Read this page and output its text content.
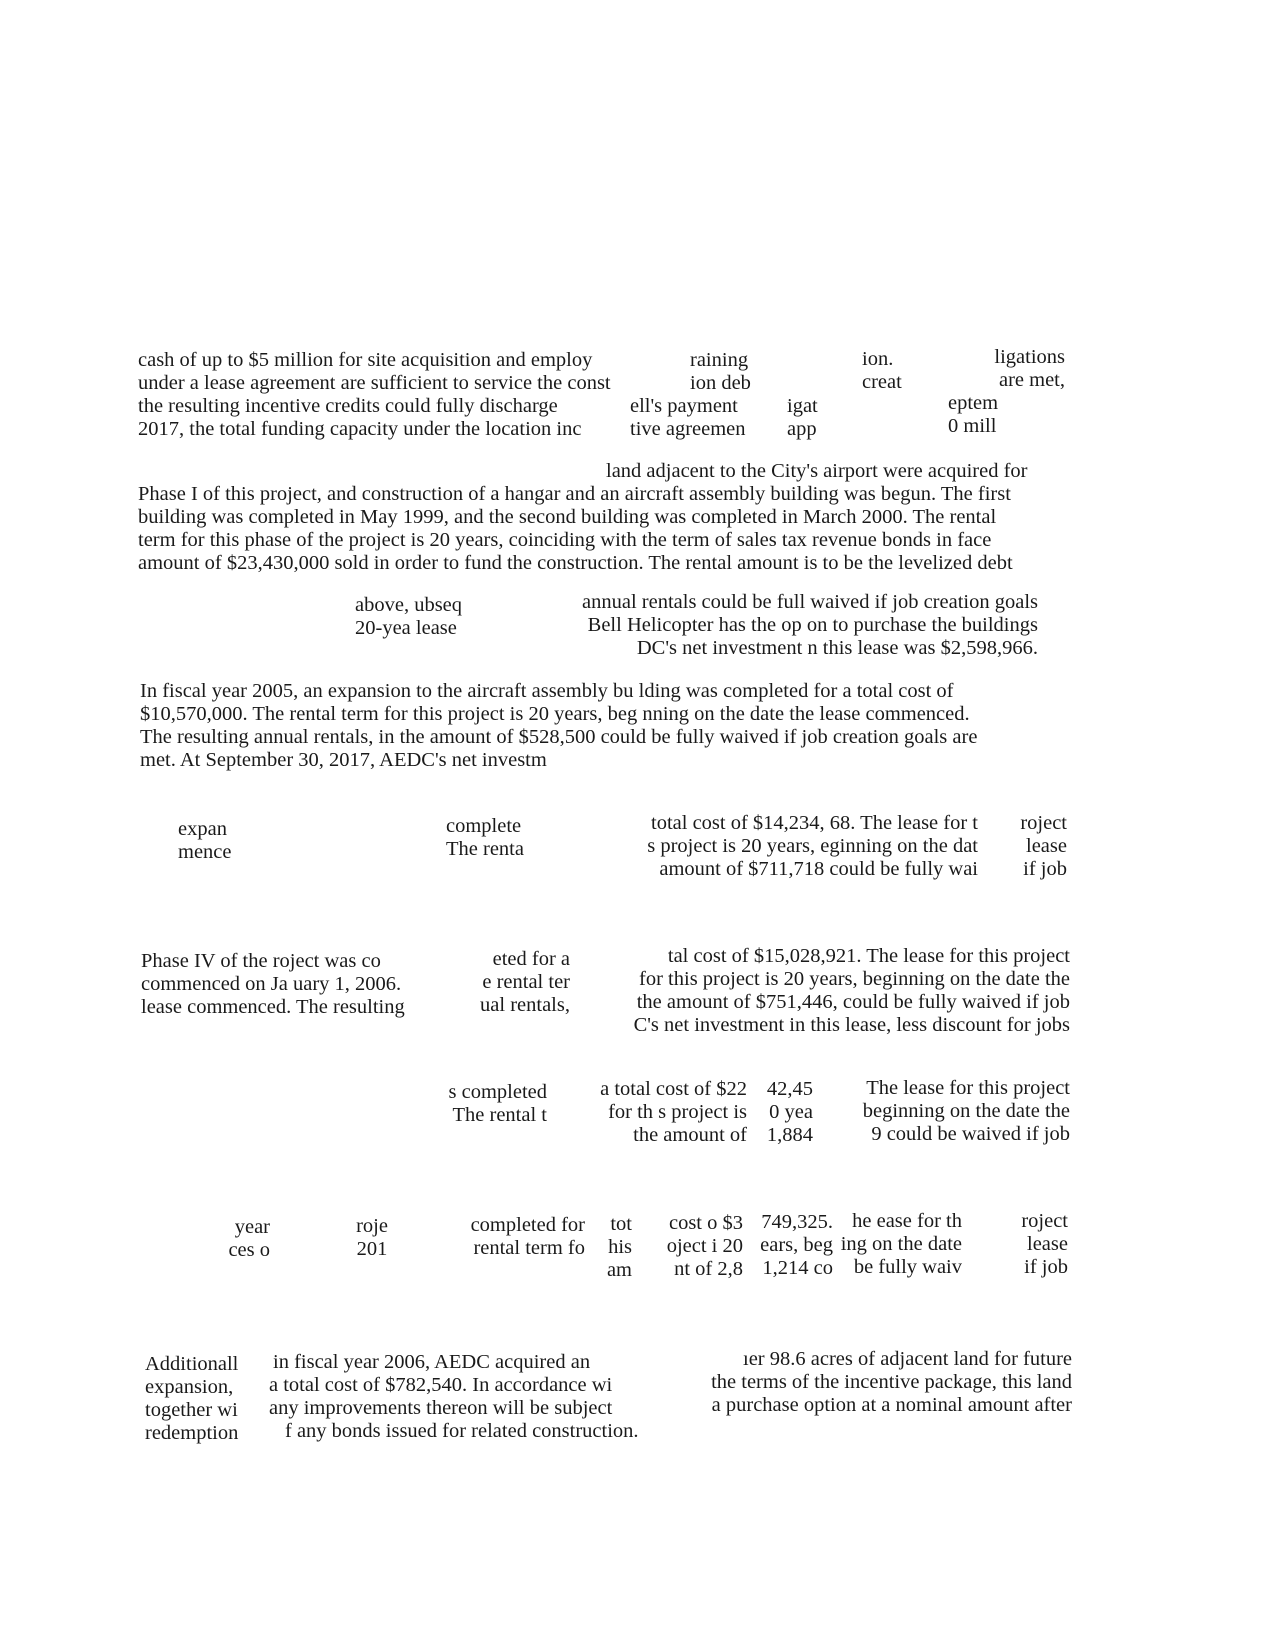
cash of up to $5 million for site acquisition and employ
under a lease agreement are sufficient to service the const
the resulting incentive credits could fully discharge
2017, the total funding capacity under the location inc
raining
ion deb
ell's payment
tive agreemen
igat
app
ion.
creat
eptem
0 mill
ligations
are met,
land adjacent to the City's airport were acquired for
Phase I of this project, and construction of a hangar and an aircraft assembly building was begun. The first
building was completed in May 1999, and the second building was completed in March 2000. The rental
term for this phase of the project is 20 years, coinciding with the term of sales tax revenue bonds in face
amount of $23,430,000 sold in order to fund the construction. The rental amount is to be the levelized debt
above, ubseq
20-yea lease
annual rentals could be full waived if job creation goals
Bell Helicopter has the op on to purchase the buildings
DC's net investment n this lease was $2,598,966.
In fiscal year 2005, an expansion to the aircraft assembly bu lding was completed for a total cost of
$10,570,000. The rental term for this project is 20 years, beg nning on the date the lease commenced.
The resulting annual rentals, in the amount of $528,500 could be fully waived if job creation goals are
met. At September 30, 2017, AEDC's net investm
expan
mence
complete
The renta
total cost of $14,234, 68. The lease for t
s project is 20 years, eginning on the dat
amount of $711,718 could be fully wai
roject
lease
if job
Phase IV of the roject was co
commenced on Ja uary 1, 2006.
lease commenced. The resulting
eted for a
e rental ter
ual rentals,
tal cost of $15,028,921. The lease for this project
for this project is 20 years, beginning on the date the
the amount of $751,446, could be fully waived if job
C's net investment in this lease, less discount for jobs
s completed
The rental t
a total cost of $22
for th s project is
the amount of
42,45
0 yea
1,884
The lease for this project
beginning on the date the
9 could be waived if job
year
ces o
roje
201
completed for
rental term fo
tot
his
am
cost o $3
oject i 20
nt of 2,8
749,325.
ears, beg
1,214 co
he ease for th
ing on the date
be fully waiv
roject
lease
if job
Additionall
expansion,
together wi
redemption
in fiscal year 2006, AEDC acquired an
a total cost of $782,540. In accordance wi
any improvements thereon will be subject
f any bonds issued for related construction.
ıer 98.6 acres of adjacent land for future
the terms of the incentive package, this land
a purchase option at a nominal amount after
